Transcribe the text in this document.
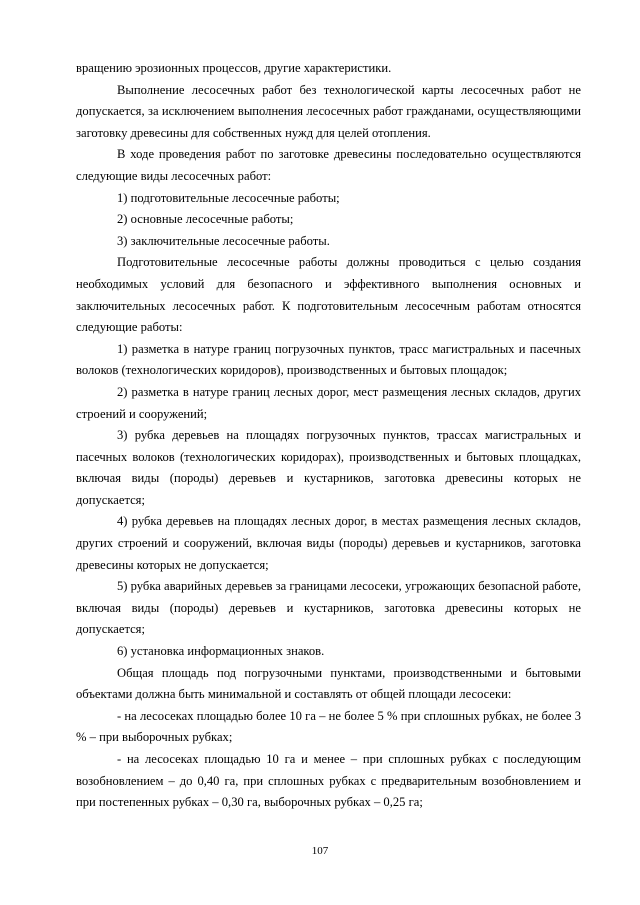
вращению эрозионных процессов, другие характеристики.

Выполнение лесосечных работ без технологической карты лесосечных работ не допускается, за исключением выполнения лесосечных работ гражданами, осуществляющими заготовку древесины для собственных нужд для целей отопления.

В ходе проведения работ по заготовке древесины последовательно осуществляются следующие виды лесосечных работ:

1) подготовительные лесосечные работы;

2) основные лесосечные работы;

3) заключительные лесосечные работы.

Подготовительные лесосечные работы должны проводиться с целью создания необходимых условий для безопасного и эффективного выполнения основных и заключительных лесосечных работ. К подготовительным лесосечным работам относятся следующие работы:

1) разметка в натуре границ погрузочных пунктов, трасс магистральных и пасечных волоков (технологических коридоров), производственных и бытовых площадок;

2) разметка в натуре границ лесных дорог, мест размещения лесных складов, других строений и сооружений;

3) рубка деревьев на площадях погрузочных пунктов, трассах магистральных и пасечных волоков (технологических коридорах), производственных и бытовых площадках, включая виды (породы) деревьев и кустарников, заготовка древесины которых не допускается;

4) рубка деревьев на площадях лесных дорог, в местах размещения лесных складов, других строений и сооружений, включая виды (породы) деревьев и кустарников, заготовка древесины которых не допускается;

5) рубка аварийных деревьев за границами лесосеки, угрожающих безопасной работе, включая виды (породы) деревьев и кустарников, заготовка древесины которых не допускается;

6) установка информационных знаков.

Общая площадь под погрузочными пунктами, производственными и бытовыми объектами должна быть минимальной и составлять от общей площади лесосеки:

- на лесосеках площадью более 10 га – не более 5 % при сплошных рубках, не более 3 % – при выборочных рубках;

- на лесосеках площадью 10 га и менее – при сплошных рубках с последующим возобновлением – до 0,40 га, при сплошных рубках с предварительным возобновлением и при постепенных рубках – 0,30 га, выборочных рубках – 0,25 га;

107
